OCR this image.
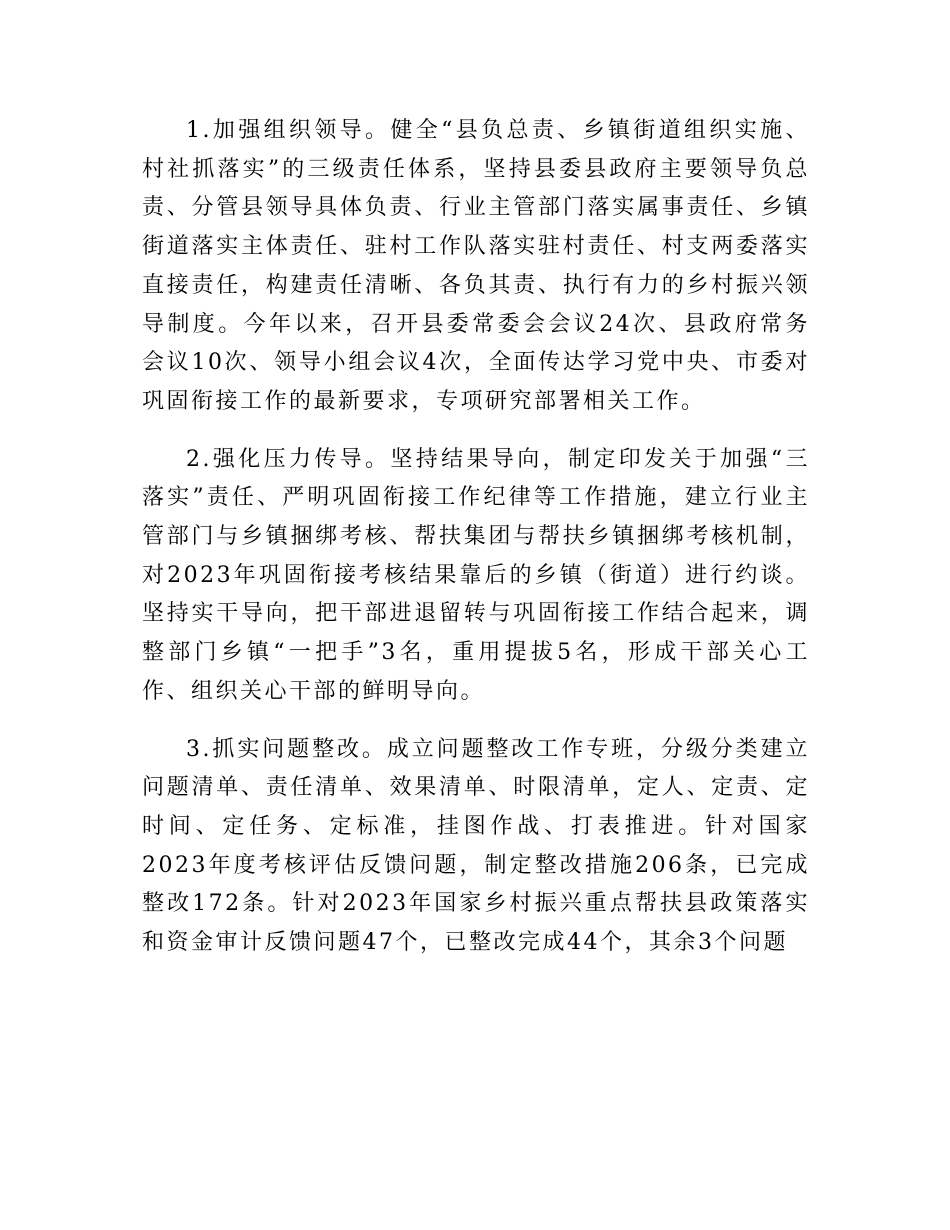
1.加强组织领导。健全“县负总责、乡镇街道组织实施、村社抓落实”的三级责任体系，坚持县委县政府主要领导负总责、分管县领导具体负责、行业主管部门落实属事责任、乡镇街道落实主体责任、驻村工作队落实驻村责任、村支两委落实直接责任，构建责任清晰、各负其责、执行有力的乡村振兴领导制度。今年以来，召开县委常委会会议24次、县政府常务会议10次、领导小组会议4次，全面传达学习党中央、市委对巩固衔接工作的最新要求，专项研究部署相关工作。

2.强化压力传导。坚持结果导向，制定印发关于加强“三落实”责任、严明巩固衔接工作纪律等工作措施，建立行业主管部门与乡镇捆绑考核、帮扶集团与帮扶乡镇捆绑考核机制，对2023年巩固衔接考核结果靠后的乡镇（街道）进行约谈。坚持实干导向，把干部进退留转与巩固衔接工作结合起来，调整部门乡镇“一把手”3名，重用提拔5名，形成干部关心工作、组织关心干部的鲜明导向。

3.抓实问题整改。成立问题整改工作专班，分级分类建立问题清单、责任清单、效果清单、时限清单，定人、定责、定时间、定任务、定标准，挂图作战、打表推进。针对国家2023年度考核评估反馈问题，制定整改措施206条，已完成整改172条。针对2023年国家乡村振兴重点帮扶县政策落实和资金审计反馈问题47个，已整改完成44个，其余3个问题
